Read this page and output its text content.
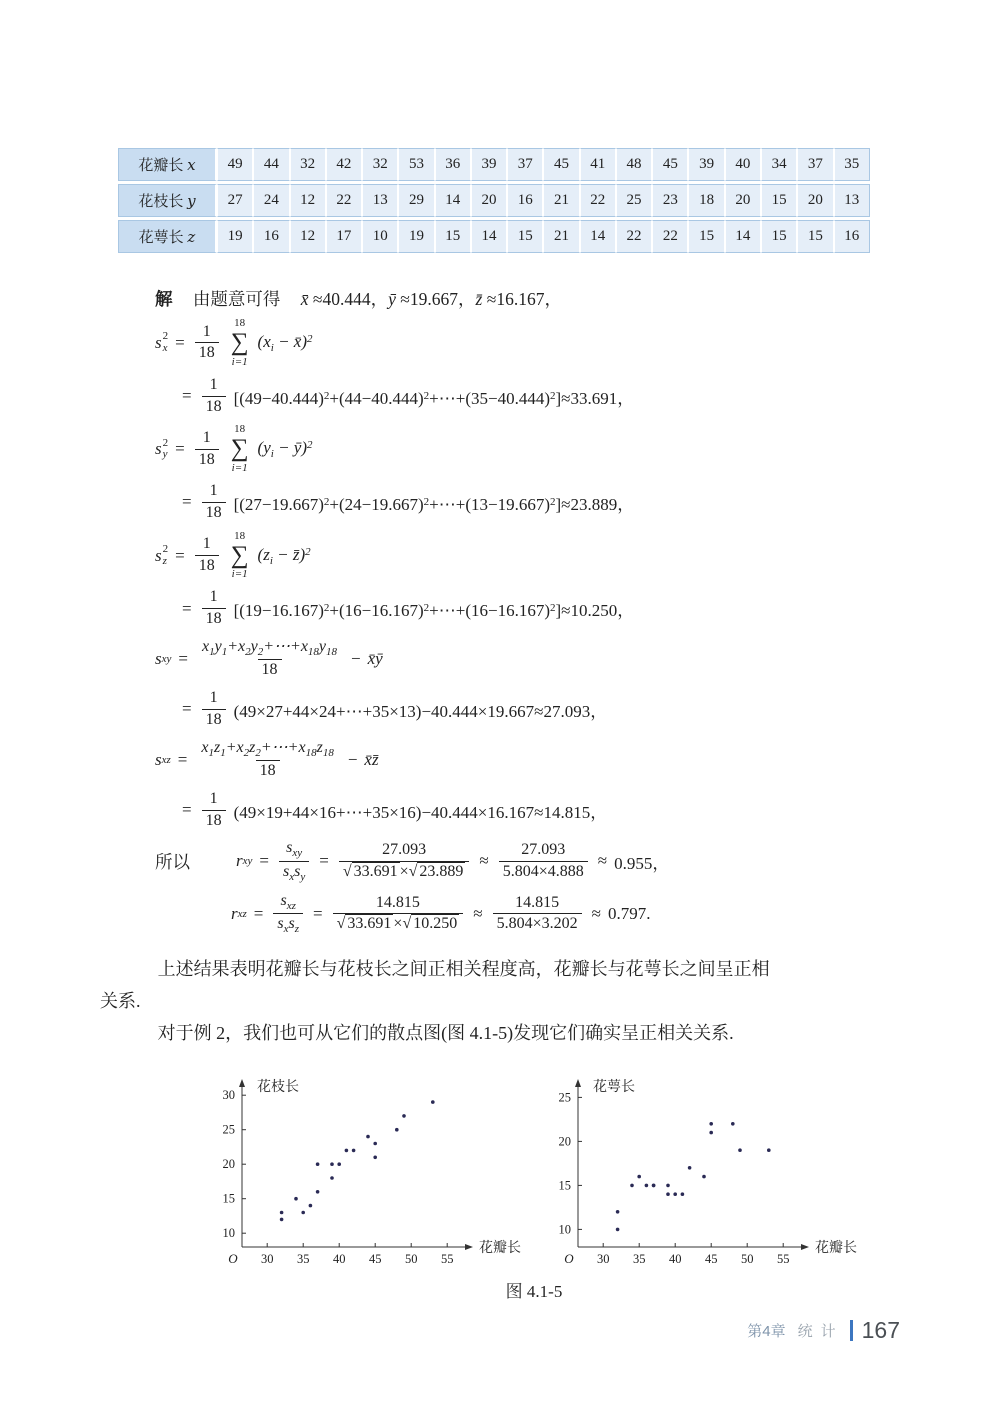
花瓣长 x	49	44	32	42	32	53	36	39	37	45	41	48	45	39	40	34	37	35
花枝长 y	27	24	12	22	13	29	14	20	16	21	22	25	23	18	20	15	20	13
花萼长 z	19	16	12	17	10	19	15	14	15	21	14	22	22	15	14	15	15	16

解 由题意可得 x̄ ≈40.444，ȳ ≈19.667，z̄ ≈16.167，

s 2
$x = \frac{1}{18} 18$
∑
i=1
($x_i$ − x̄)$^2$
= $\frac{1}{18}$ $[(49-40.444)^2+(44-40.444)^2+\cdots+(35-40.444)^2]\approx 33.691$，
s 2
$y = \frac{1}{18} 18$
∑
i=1
($y_i$ − ȳ)$^2$
= $\frac{1}{18}$ $[(27-19.667)^2+(24-19.667)^2+\cdots+(13-19.667)^2]\approx 23.889$，
s 2
$z = \frac{1}{18} 18$
∑
i=1
($z_i$ − z̄)$^2$
= $\frac{1}{18}$ $[(19-16.167)^2+(16-16.167)^2+\cdots+(16-16.167)^2]\approx 10.250$，
s xy = $\frac{x_1y_1+x_2y_2+\cdots+x_{18}y_{18}}{18}$ − x̄ȳ
= $\frac{1}{18}$ (49×27+44×24+⋯+35×13)−40.444×19.667≈27.093，
s xz = $\frac{x_1z_1+x_2z_2+\cdots+x_{18}z_{18}}{18}$ − x̄z̄
= $\frac{1}{18}$ (49×19+44×16+⋯+35×16)−40.444×16.167≈14.815，
所以	r xy = $\frac{s_{xy}}{s_xs_y} = \frac{27.093}{√ 33.691 \times√ 23.889} \approx \frac{27.093}{5.804\times 4.888} \approx 0.955$，
r xz = $\frac{s_{xz}}{s_xs_z} = \frac{14.815}{√ 33.691 \times√ 10.250} \approx \frac{14.815}{5.804\times 3.202} \approx 0.797$.
上述结果表明花瓣长与花枝长之间正相关程度高，花瓣长与花萼长之间呈正相
关系.
对于例 2，我们也可从它们的散点图(图 4.1-5)发现它们确实呈正相关关系.
O 30 35 40 45 50 55
10
15
20
25
30
花枝长
花瓣长
O 30 35 40 45 50 55
10
15
20
25
花萼长
花瓣长

图 4.1-5

第4章 统计 167
